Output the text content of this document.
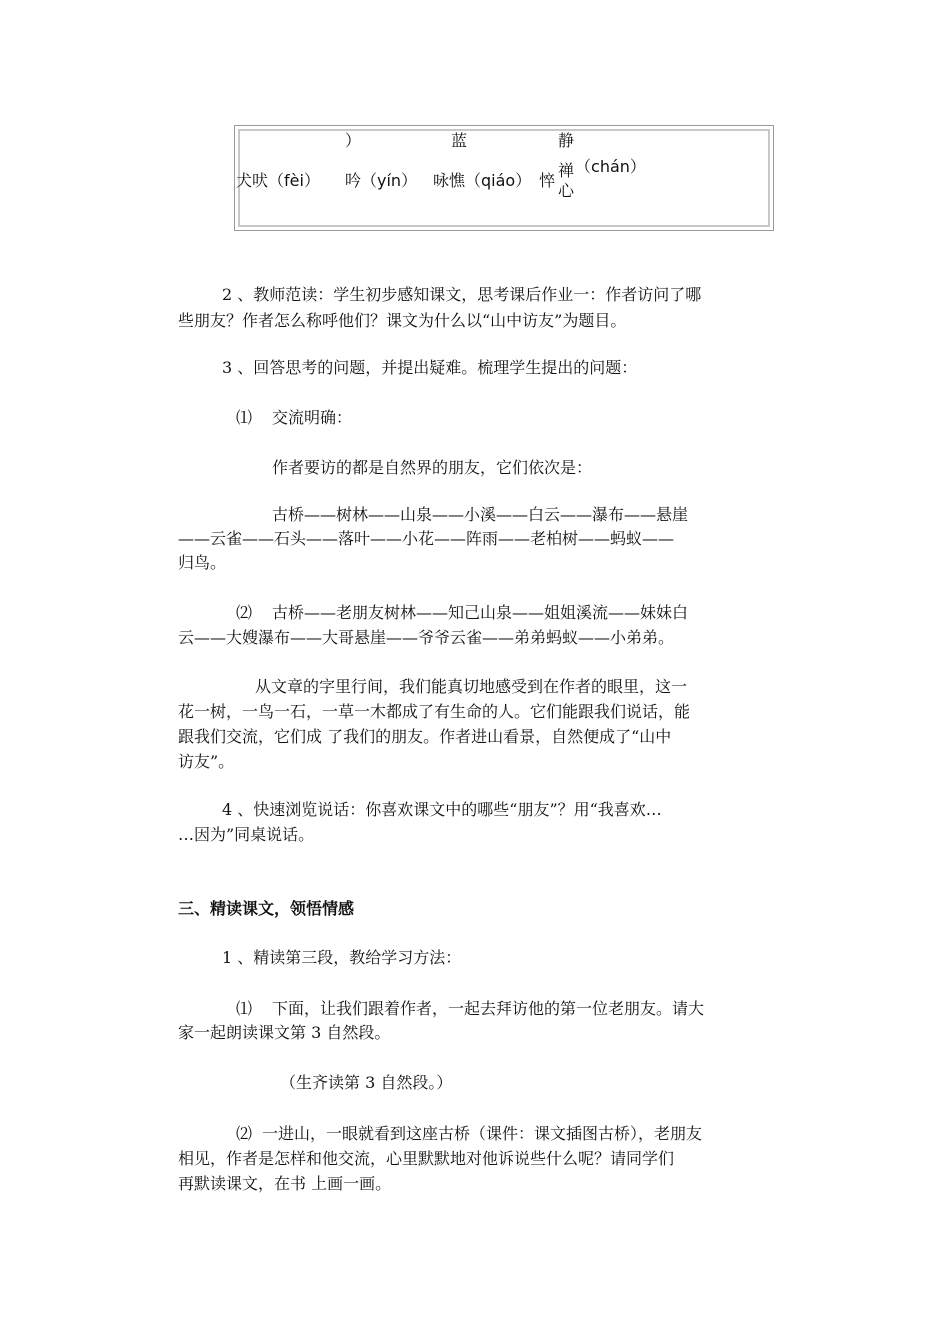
）	蓝	静
犬吠（fèi） 吟（yín） 咏憔（qiáo） 悴
禅
心
（chán）
2 、教师范读：学生初步感知课文，思考课后作业一：作者访问了哪
些朋友？作者怎么称呼他们？课文为什么以“山中访友”为题目。
3 、回答思考的问题，并提出疑难。梳理学生提出的问题：
⑴ 交流明确：
作者要访的都是自然界的朋友，它们依次是：
古桥——树林——山泉——小溪——白云——瀑布——悬崖
——云雀——石头——落叶——小花——阵雨——老柏树——蚂蚁——
归鸟。
⑵ 古桥——老朋友树林——知己山泉——姐姐溪流——妹妹白
云——大嫂瀑布——大哥悬崖——爷爷云雀——弟弟蚂蚁——小弟弟。
从文章的字里行间，我们能真切地感受到在作者的眼里，这一
花一树，一鸟一石，一草一木都成了有生命的人。它们能跟我们说话，能
跟我们交流，它们成 了我们的朋友。作者进山看景，自然便成了“山中
访友”。
4 、快速浏览说话：你喜欢课文中的哪些“朋友”？用“我喜欢…
…因为”同桌说话。
三、精读课文，领悟情感
1 、精读第三段，教给学习方法：
⑴ 下面，让我们跟着作者，一起去拜访他的第一位老朋友。请大
家一起朗读课文第 3 自然段。
（生齐读第 3 自然段。）
⑵ 一进山，一眼就看到这座古桥（课件：课文插图古桥），老朋友
相见，作者是怎样和他交流，心里默默地对他诉说些什么呢？请同学们
再默读课文，在书 上画一画。
